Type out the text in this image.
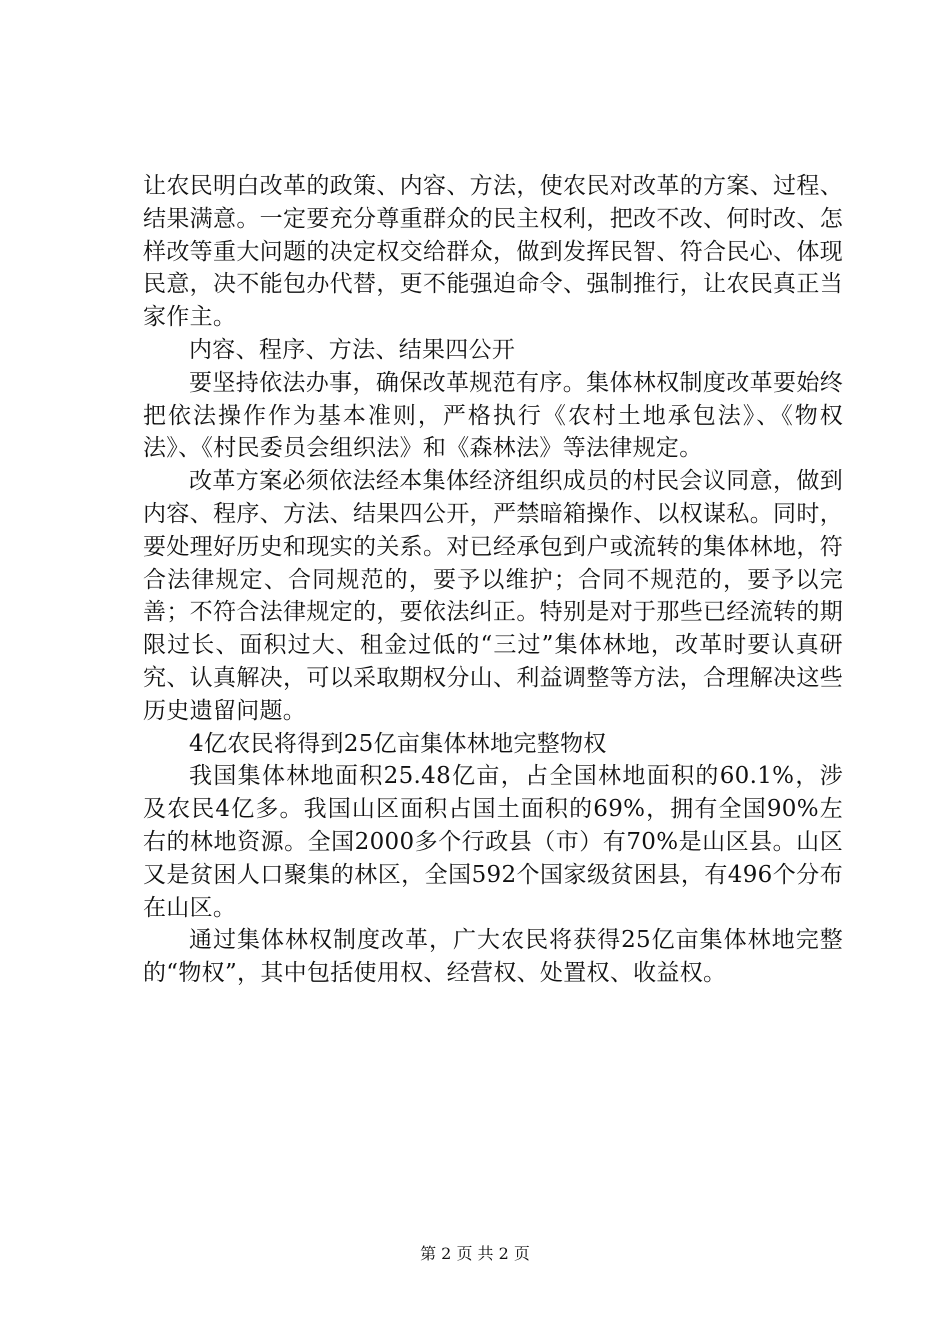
让农民明白改革的政策、内容、方法，使农民对改革的方案、过程、结果满意。一定要充分尊重群众的民主权利，把改不改、何时改、怎样改等重大问题的决定权交给群众，做到发挥民智、符合民心、体现民意，决不能包办代替，更不能强迫命令、强制推行，让农民真正当家作主。

内容、程序、方法、结果四公开

要坚持依法办事，确保改革规范有序。集体林权制度改革要始终把依法操作作为基本准则，严格执行《农村土地承包法》、《物权法》、《村民委员会组织法》和《森林法》等法律规定。

改革方案必须依法经本集体经济组织成员的村民会议同意，做到内容、程序、方法、结果四公开，严禁暗箱操作、以权谋私。同时，要处理好历史和现实的关系。对已经承包到户或流转的集体林地，符合法律规定、合同规范的，要予以维护；合同不规范的，要予以完善；不符合法律规定的，要依法纠正。特别是对于那些已经流转的期限过长、面积过大、租金过低的“三过”集体林地，改革时要认真研究、认真解决，可以采取期权分山、利益调整等方法，合理解决这些历史遗留问题。

4亿农民将得到25亿亩集体林地完整物权

我国集体林地面积25.48亿亩，占全国林地面积的60.1%，涉及农民4亿多。我国山区面积占国土面积的69%，拥有全国90%左右的林地资源。全国2000多个行政县（市）有70%是山区县。山区又是贫困人口聚集的林区，全国592个国家级贫困县，有496个分布在山区。

通过集体林权制度改革，广大农民将获得25亿亩集体林地完整的“物权”，其中包括使用权、经营权、处置权、收益权。

第 2 页 共 2 页
